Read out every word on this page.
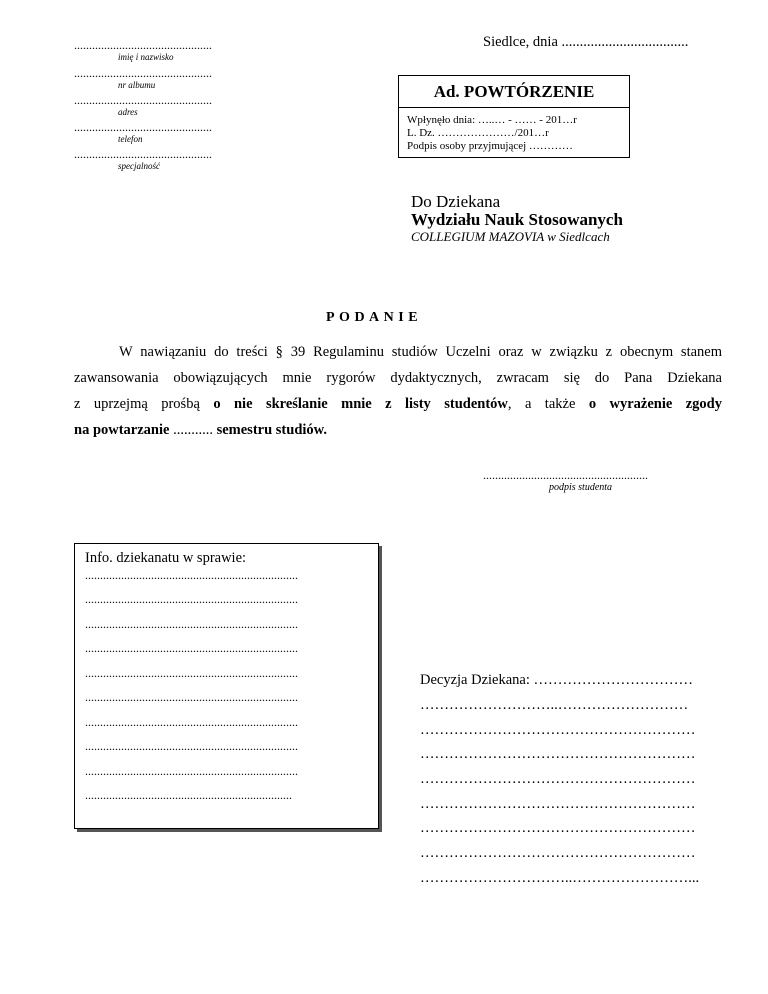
Siedlce, dnia ...................................
..............................................
imię i nazwisko
..............................................
nr albumu
..............................................
adres
..............................................
telefon
..............................................
specjalność
Ad. POWTÓRZENIE
Wpłynęło dnia: …..… - …… - 201…r
L. Dz. …………………/201…r
Podpis osoby przyjmującej …………
Do Dziekana
Wydziału Nauk Stosowanych
COLLEGIUM MAZOVIA w Siedlcach
PODANIE
W nawiązaniu do treści § 39 Regulaminu studiów Uczelni oraz w związku z obecnym stanem
zawansowania obowiązujących mnie rygorów dydaktycznych, zwracam się do Pana Dziekana
z uprzejmą prośbą o nie skreślanie mnie z listy studentów, a także o wyrażenie zgody
na powtarzanie ........... semestru studiów.
.......................................................
podpis studenta
Info. dziekanatu w sprawie:
.......................................................................
.......................................................................
.......................................................................
.......................................................................
.......................................................................
.......................................................................
.......................................................................
.......................................................................
.......................................................................
.....................................................................
Decyzja Dziekana: ……………………………
………………………..………………………
…………………………………………………
…………………………………………………
…………………………………………………
…………………………………………………
…………………………………………………
…………………………………………………
…………………………..……………………...
